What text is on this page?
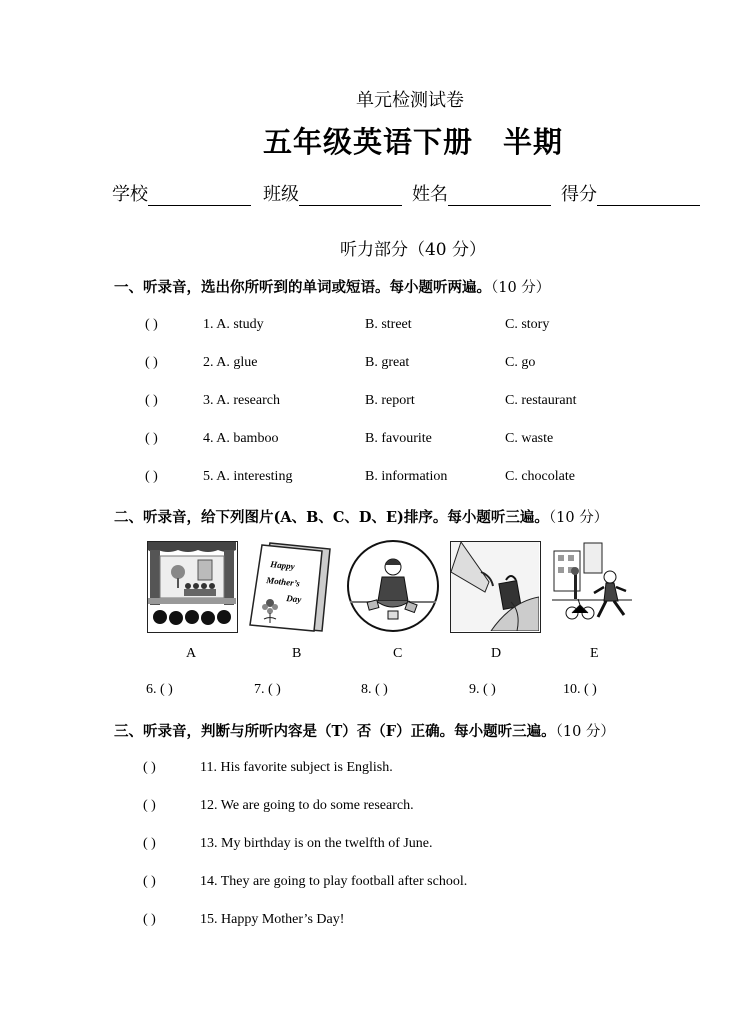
单元检测试卷
五年级英语下册 半期
学校	班级	姓名	得分
听力部分（40 分）
一、听录音，选出你所听到的单词或短语。每小题听两遍。（10 分）
( )	1. A. study	B. street	C. story
( )	2. A. glue	B. great	C. go
( )	3. A. research	B. report	C. restaurant
( )	4. A. bamboo	B. favourite	C. waste
( )	5. A. interesting	B. information	C. chocolate
二、听录音，给下列图片(A、B、C、D、E)排序。每小题听三遍。（10 分）
Happy
Mother’s
Day
A	B	C	D	E
6. ( )	7. ( )	8. ( )	9. ( )	10. ( )
三、听录音，判断与所听内容是（T）否（F）正确。每小题听三遍。（10 分）
( )	11. His favorite subject is English.
( )	12. We are going to do some research.
( )	13. My birthday is on the twelfth of June.
( )	14. They are going to play football after school.
( )	15. Happy Mother’s Day!
